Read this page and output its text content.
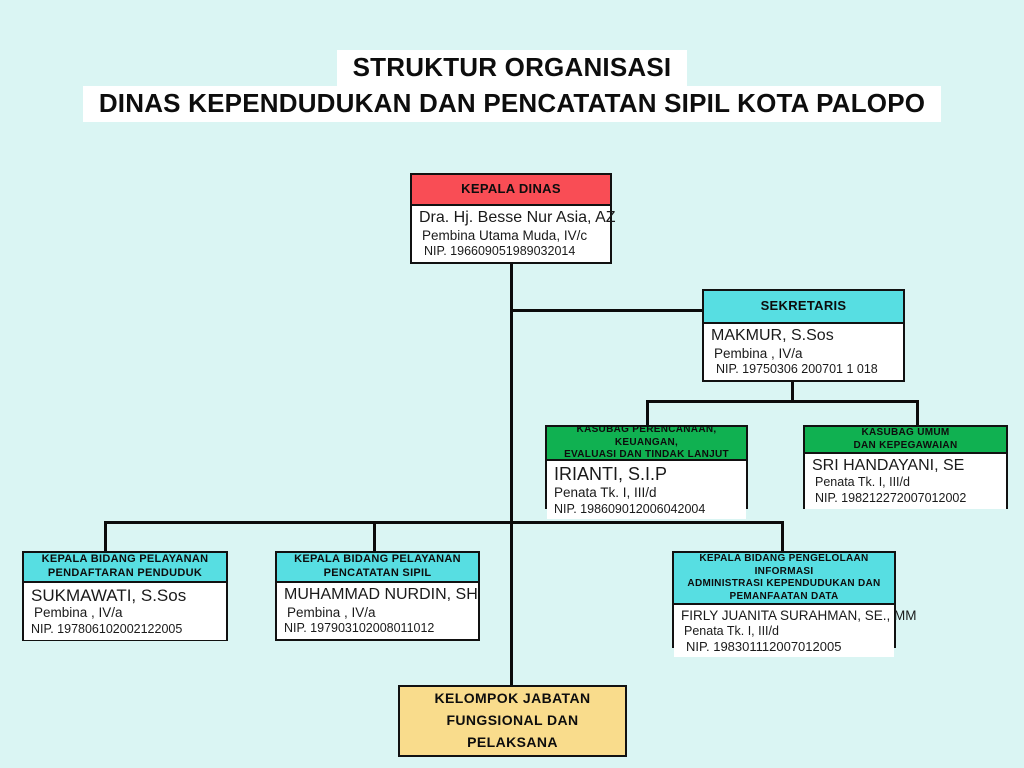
STRUKTUR ORGANISASI
DINAS KEPENDUDUKAN DAN PENCATATAN SIPIL KOTA PALOPO
KEPALA DINAS
Dra. Hj. Besse Nur Asia, AZ
Pembina Utama Muda, IV/c
NIP. 196609051989032014
SEKRETARIS
MAKMUR, S.Sos
Pembina , IV/a
NIP. 19750306 200701 1 018
KASUBAG PERENCANAAN, KEUANGAN,
EVALUASI DAN TINDAK LANJUT
IRIANTI, S.I.P
Penata Tk. I, III/d
NIP. 198609012006042004
KASUBAG UMUM
DAN KEPEGAWAIAN
SRI HANDAYANI, SE
Penata Tk. I, III/d
NIP. 198212272007012002
KEPALA BIDANG PELAYANAN
PENDAFTARAN PENDUDUK
SUKMAWATI, S.Sos
Pembina , IV/a
NIP. 197806102002122005
KEPALA BIDANG PELAYANAN
PENCATATAN SIPIL
MUHAMMAD NURDIN, SH
Pembina , IV/a
NIP. 197903102008011012
KEPALA BIDANG PENGELOLAAN INFORMASI
ADMINISTRASI KEPENDUDUKAN DAN
PEMANFAATAN DATA
FIRLY JUANITA SURAHMAN, SE., MM
Penata Tk. I, III/d
NIP. 198301112007012005
KELOMPOK JABATAN
FUNGSIONAL DAN PELAKSANA
